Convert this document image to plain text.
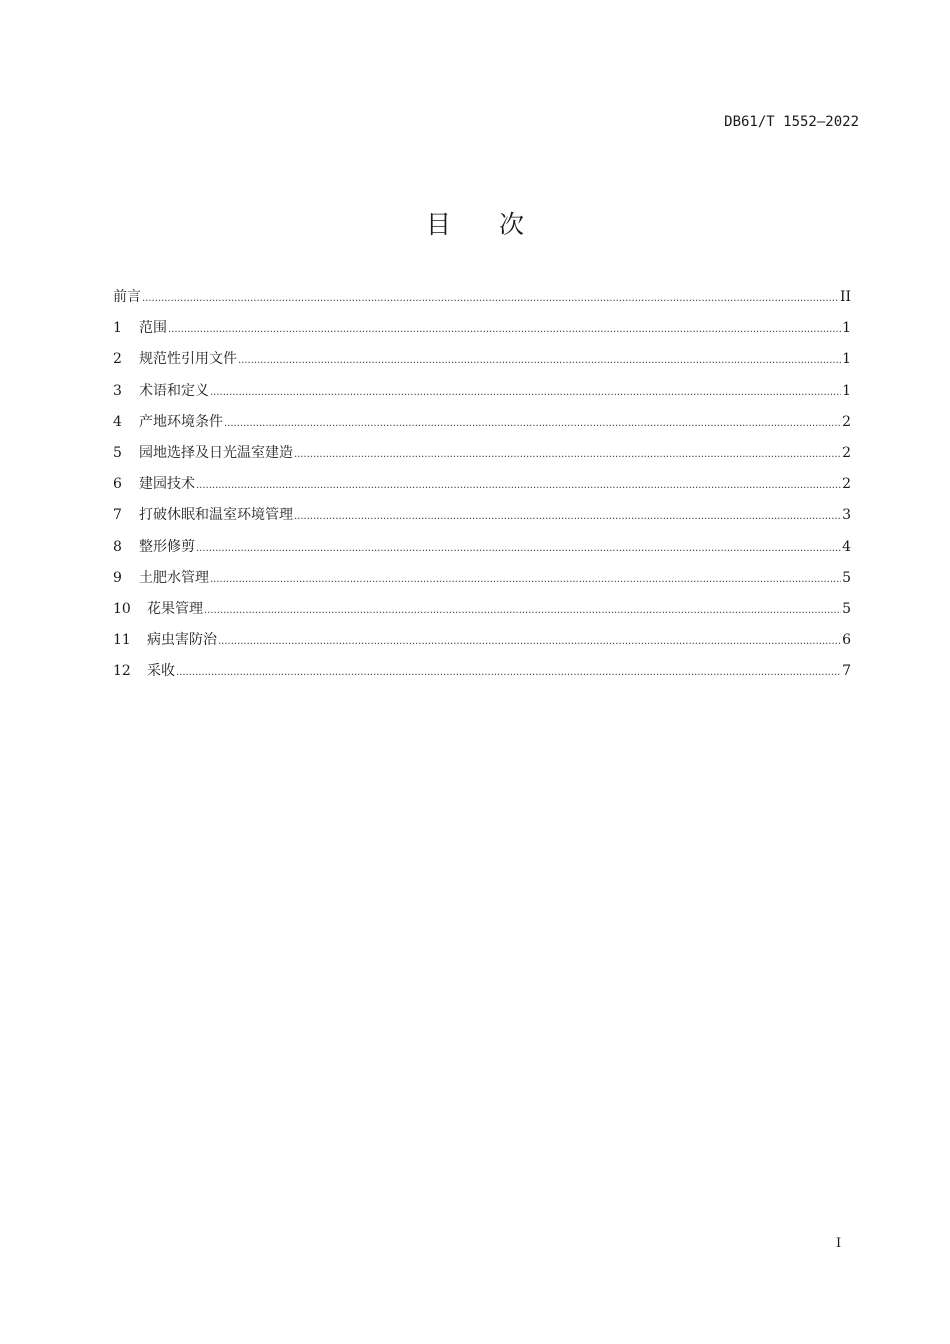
DB61/T 1552—2022
目次
前言 .....	II
1	范围 .....	1
2	规范性引用文件 .....	1
3	术语和定义 .....	1
4	产地环境条件 .....	2
5	园地选择及日光温室建造 .....	2
6	建园技术 .....	2
7	打破休眠和温室环境管理 .....	3
8	整形修剪 .....	4
9	土肥水管理 .....	5
10	花果管理 .....	5
11	病虫害防治 .....	6
12	采收 .....	7
I
